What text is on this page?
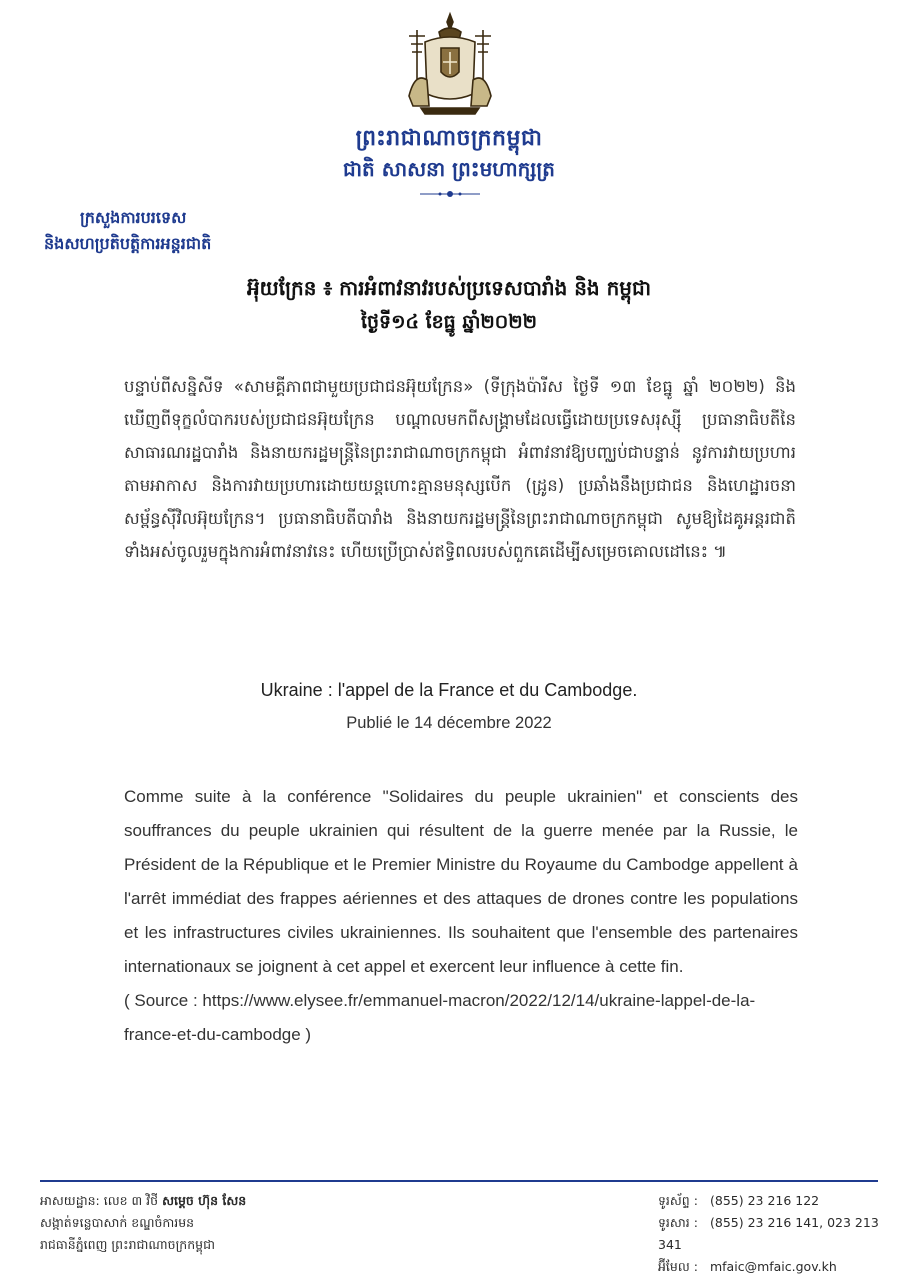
ព្រះរាជាណាចក្រកម្ពុជា
ជាតិ សាសនា ព្រះមហាក្សត្រ
ក្រសួងការបរទេស
និងសហប្រតិបត្តិការអន្តរជាតិ
អ៊ុយក្រែន ៖ ការអំពាវនាវរបស់ប្រទេសបារាំង និង កម្ពុជា
ថ្ងៃទី១៤ ខែធ្នូ ឆ្នាំ២០២២
បន្ទាប់ពីសន្និសីទ «សាមគ្គីភាពជាមួយប្រជាជនអ៊ុយក្រែន» (ទីក្រុងប៉ារីស ថ្ងៃទី ១៣ ខែធ្នូ ឆ្នាំ ២០២២) និងឃើញពីទុក្ខលំបាករបស់ប្រជាជនអ៊ុយក្រែន បណ្តាលមកពីសង្គ្រាមដែលធ្វើដោយប្រទេសរុស្ស៊ី ប្រធានាធិបតីនៃសាធារណរដ្ឋបារាំង និងនាយករដ្ឋមន្ត្រីនៃព្រះរាជាណាចក្រកម្ពុជា អំពាវនាវឱ្យបញ្ឈប់ជាបន្ទាន់ នូវការវាយប្រហារតាមអាកាស និងការវាយប្រហារដោយយន្តហោះគ្មានមនុស្សបើក (ដ្រូន) ប្រឆាំងនឹងប្រជាជន និងហេដ្ឋារចនាសម្ព័ន្ធស៊ីវិលអ៊ុយក្រែន។ ប្រធានាធិបតីបារាំង និងនាយករដ្ឋមន្ត្រីនៃព្រះរាជាណាចក្រកម្ពុជា សូមឱ្យដៃគូអន្តរជាតិទាំងអស់ចូលរួមក្នុងការអំពាវនាវនេះ ហើយប្រើប្រាស់ឥទ្ធិពលរបស់ពួកគេដើម្បីសម្រេចគោលដៅនេះ ៕
Ukraine : l'appel de la France et du Cambodge.
Publié le 14 décembre 2022

Comme suite à la conférence "Solidaires du peuple ukrainien" et conscients des souffrances du peuple ukrainien qui résultent de la guerre menée par la Russie, le Président de la République et le Premier Ministre du Royaume du Cambodge appellent à l'arrêt immédiat des frappes aériennes et des attaques de drones contre les populations et les infrastructures civiles ukrainiennes. Ils souhaitent que l'ensemble des partenaires internationaux se joignent à cet appel et exercent leur influence à cette fin.

( Source : https://www.elysee.fr/emmanuel-macron/2022/12/14/ukraine-lappel-de-la-france-et-du-cambodge )

អាសយដ្ឋាន: លេខ ៣ វិថី សម្តេច ហ៊ុន សែន
សង្កាត់ទន្លេបាសាក់ ខណ្ឌចំការមន
រាជធានីភ្នំពេញ ព្រះរាជាណាចក្រកម្ពុជា
ទូរស័ព្ទ : (855) 23 216 122
ទូរសារ : (855) 23 216 141, 023 213 341
អ៊ីមែល : mfaic@mfaic.gov.kh
